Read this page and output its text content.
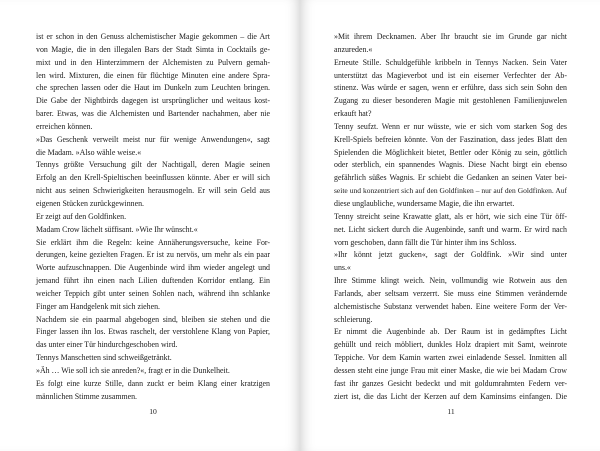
ist er schon in den Genuss alchemistischer Magie gekommen – die Art
von Magie, die in den illegalen Bars der Stadt Simta in Cocktails ge-
mixt und in den Hinterzimmern der Alchemisten zu Pulvern gemah-
len wird. Mixturen, die einen für flüchtige Minuten eine andere Spra-
che sprechen lassen oder die Haut im Dunkeln zum Leuchten bringen.
Die Gabe der Nightbirds dagegen ist ursprünglicher und weitaus kost-
barer. Etwas, was die Alchemisten und Bartender nachahmen, aber nie
erreichen können.
»Das Geschenk verweilt meist nur für wenige Anwendungen«, sagt
die Madam. »Also wähle weise.«
Tennys größte Versuchung gilt der Nachtigall, deren Magie seinen
Erfolg an den Krell-Spieltischen beeinflussen könnte. Aber er will sich
nicht aus seinen Schwierigkeiten herausmogeln. Er will sein Geld aus
eigenen Stücken zurückgewinnen.
Er zeigt auf den Goldfinken.
Madam Crow lächelt süffisant. »Wie Ihr wünscht.«
Sie erklärt ihm die Regeln: keine Annäherungsversuche, keine For-
derungen, keine gezielten Fragen. Er ist zu nervös, um mehr als ein paar
Worte aufzuschnappen. Die Augenbinde wird ihm wieder angelegt und
jemand führt ihn einen nach Lilien duftenden Korridor entlang. Ein
weicher Teppich gibt unter seinen Sohlen nach, während ihn schlanke
Finger am Handgelenk mit sich ziehen.
Nachdem sie ein paarmal abgebogen sind, bleiben sie stehen und die
Finger lassen ihn los. Etwas raschelt, der verstohlene Klang von Papier,
das unter einer Tür hindurchgeschoben wird.
Tennys Manschetten sind schweißgetränkt.
»Äh … Wie soll ich sie anreden?«, fragt er in die Dunkelheit.
Es folgt eine kurze Stille, dann zuckt er beim Klang einer kratzigen
männlichen Stimme zusammen.
10
»Mit ihrem Decknamen. Aber Ihr braucht sie im Grunde gar nicht
anzureden.«
Erneute Stille. Schuldgefühle kribbeln in Tennys Nacken. Sein Vater
unterstützt das Magieverbot und ist ein eiserner Verfechter der Ab-
stinenz. Was würde er sagen, wenn er erführe, dass sich sein Sohn den
Zugang zu dieser besonderen Magie mit gestohlenen Familienjuwelen
erkauft hat?
Tenny seufzt. Wenn er nur wüsste, wie er sich vom starken Sog des
Krell-Spiels befreien könnte. Von der Faszination, dass jedes Blatt den
Spielenden die Möglichkeit bietet, Bettler oder König zu sein, göttlich
oder sterblich, ein spannendes Wagnis. Diese Nacht birgt ein ebenso
gefährlich süßes Wagnis. Er schiebt die Gedanken an seinen Vater bei-
seite und konzentriert sich auf den Goldfinken – nur auf den Goldfinken. Auf
diese unglaubliche, wundersame Magie, die ihn erwartet.
Tenny streicht seine Krawatte glatt, als er hört, wie sich eine Tür öff-
net. Licht sickert durch die Augenbinde, sanft und warm. Er wird nach
vorn geschoben, dann fällt die Tür hinter ihm ins Schloss.
»Ihr könnt jetzt gucken«, sagt der Goldfink. »Wir sind unter
uns.«
Ihre Stimme klingt weich. Nein, vollmundig wie Rotwein aus den
Farlands, aber seltsam verzerrt. Sie muss eine Stimmen verändernde
alchemistische Substanz verwendet haben. Eine weitere Form der Ver-
schleierung.
Er nimmt die Augenbinde ab. Der Raum ist in gedämpftes Licht
gehüllt und reich möbliert, dunkles Holz drapiert mit Samt, weinrote
Teppiche. Vor dem Kamin warten zwei einladende Sessel. Inmitten all
dessen steht eine junge Frau mit einer Maske, die wie bei Madam Crow
fast ihr ganzes Gesicht bedeckt und mit goldumrahmten Federn ver-
ziert ist, die das Licht der Kerzen auf dem Kaminsims einfangen. Die
11
